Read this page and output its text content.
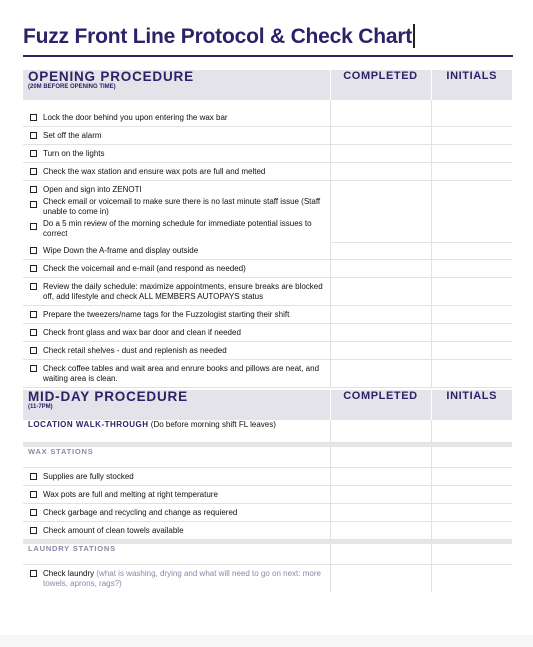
Fuzz Front Line Protocol & Check Chart
OPENING PROCEDURE
(20M BEFORE OPENING TIME)	COMPLETED	INITIALS

Lock the door behind you upon entering the wax bar		

Set off the alarm		

Turn on the lights		

Check the wax station and ensure wax pots are full and melted		

Open and sign into ZENOTI
Check email or voicemail to make sure there is no last minute staff issue (Staff unable to come in)
Do a 5 min review of the morning schedule for immediate potential issues to correct		

Wipe Down the A-frame and display outside		

Check the voicemail and e-mail (and respond as needed)		

Review the daily schedule: maximize appointments, ensure breaks are blocked off, add lifestyle and check ALL MEMBERS AUTOPAYS status		

Prepare the tweezers/name tags for the Fuzzologist starting their shift		

Check front glass and wax bar door and clean if needed		

Check retail shelves - dust and replenish as needed		

Check coffee tables and wait area and enrure books and pillows are neat, and waiting area is clean.		

MID-DAY PROCEDURE
(11-7PM)	COMPLETED	INITIALS

LOCATION WALK-THROUGH (Do before morning shift FL leaves)		

WAX STATIONS		

Supplies are fully stocked		

Wax pots are full and melting at right temperature		

Check garbage and recycling and change as requiered		

Check amount of clean towels available		

LAUNDRY STATIONS		

Check laundry (what is washing, drying and what will need to go on next: more towels, aprons, rags?)		
